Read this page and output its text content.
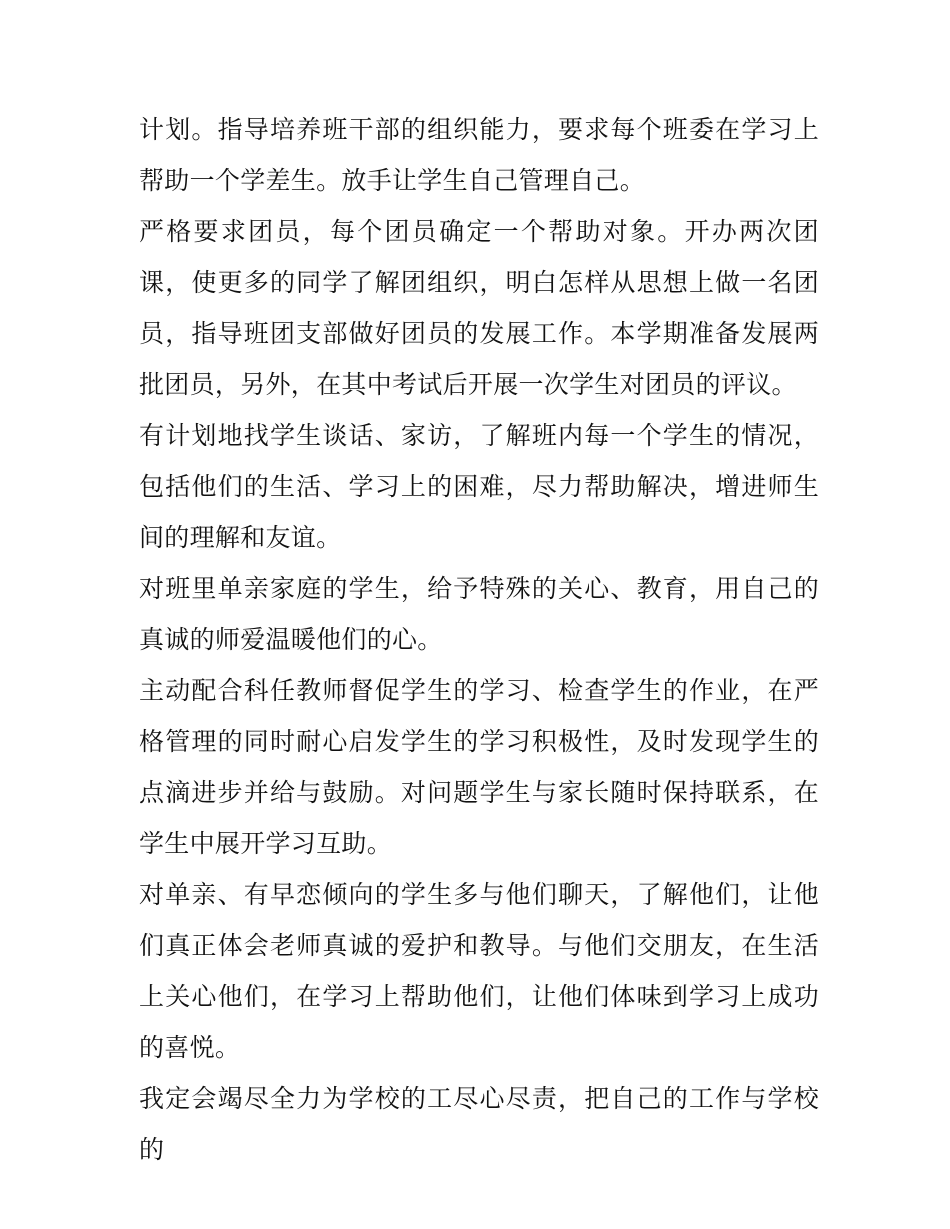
计划。指导培养班干部的组织能力，要求每个班委在学习上帮助一个学差生。放手让学生自己管理自己。

严格要求团员，每个团员确定一个帮助对象。开办两次团课，使更多的同学了解团组织，明白怎样从思想上做一名团员，指导班团支部做好团员的发展工作。本学期准备发展两批团员，另外，在其中考试后开展一次学生对团员的评议。

有计划地找学生谈话、家访，了解班内每一个学生的情况，包括他们的生活、学习上的困难，尽力帮助解决，增进师生间的理解和友谊。

对班里单亲家庭的学生，给予特殊的关心、教育，用自己的真诚的师爱温暖他们的心。

主动配合科任教师督促学生的学习、检查学生的作业，在严格管理的同时耐心启发学生的学习积极性，及时发现学生的点滴进步并给与鼓励。对问题学生与家长随时保持联系，在学生中展开学习互助。

对单亲、有早恋倾向的学生多与他们聊天，了解他们，让他们真正体会老师真诚的爱护和教导。与他们交朋友，在生活上关心他们，在学习上帮助他们，让他们体味到学习上成功的喜悦。

我定会竭尽全力为学校的工尽心尽责，把自己的工作与学校的
